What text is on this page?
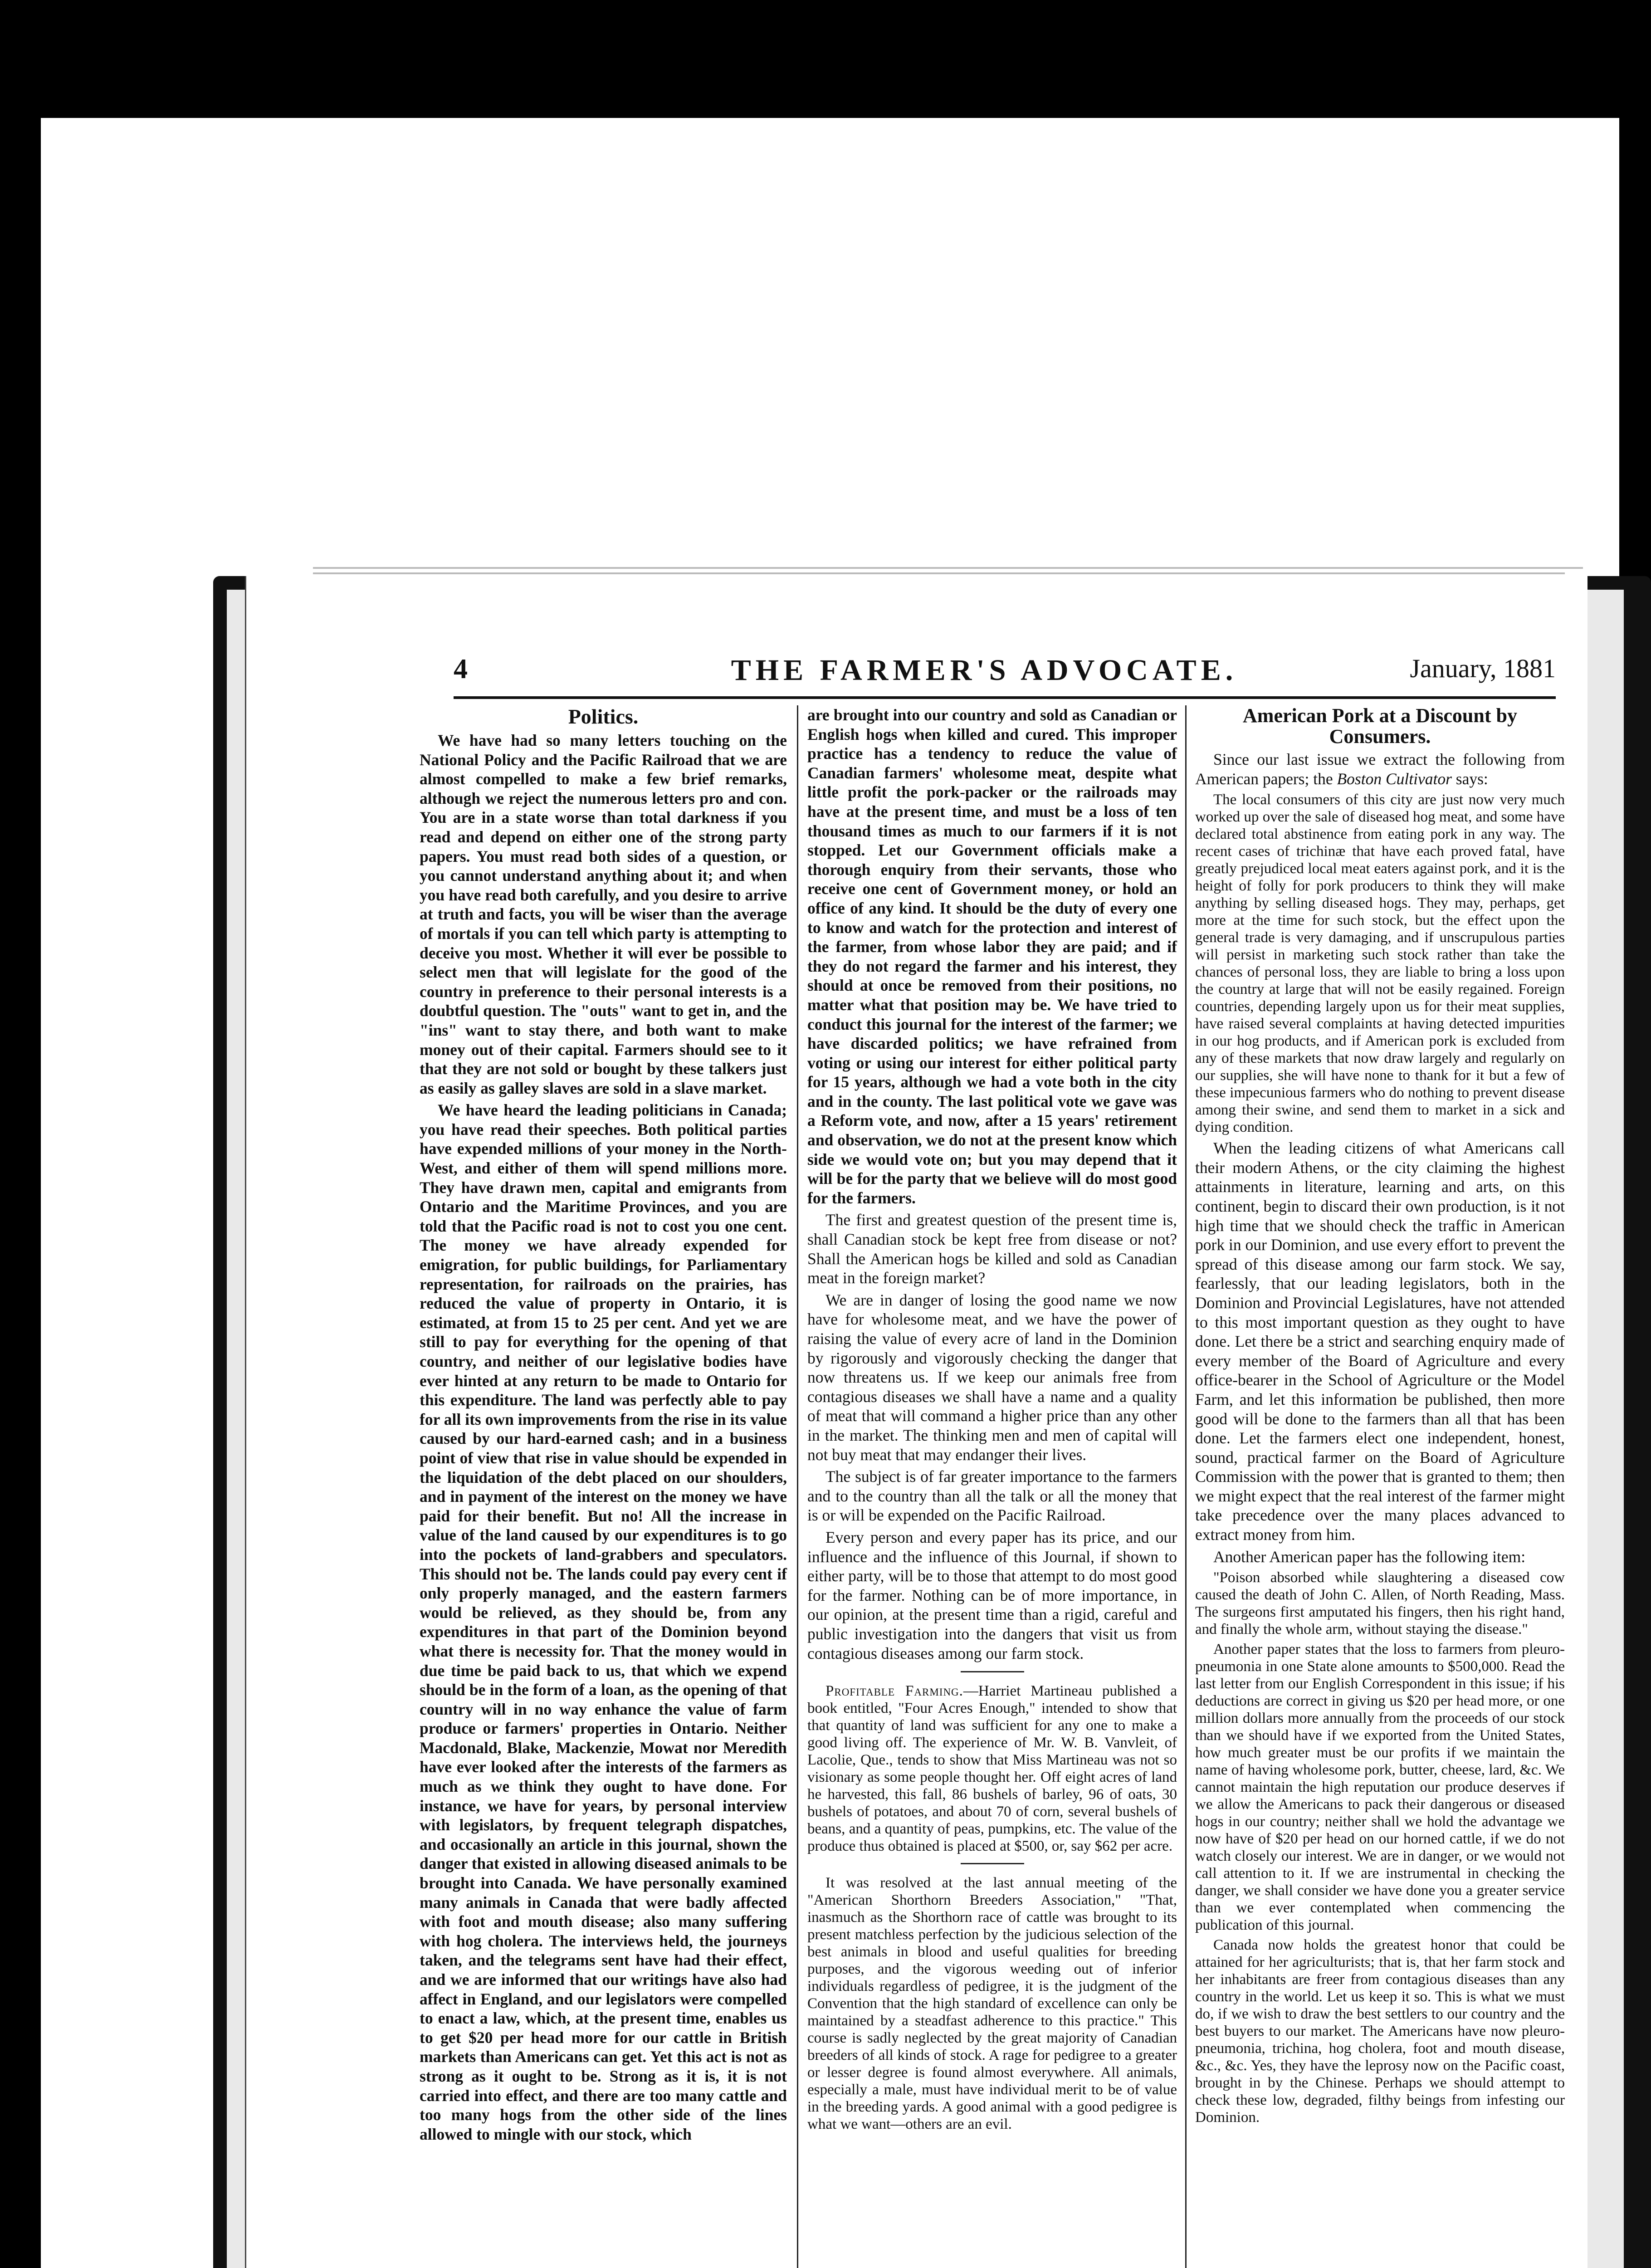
4	THE FARMER'S ADVOCATE.	January, 1881
Politics.

We have had so many letters touching on the National Policy and the Pacific Railroad that we are almost compelled to make a few brief remarks, although we reject the numerous letters pro and con. You are in a state worse than total darkness if you read and depend on either one of the strong party papers. You must read both sides of a question, or you cannot understand anything about it; and when you have read both carefully, and you desire to arrive at truth and facts, you will be wiser than the average of mortals if you can tell which party is attempting to deceive you most. Whether it will ever be possible to select men that will legislate for the good of the country in preference to their personal interests is a doubtful question. The "outs" want to get in, and the "ins" want to stay there, and both want to make money out of their capital. Farmers should see to it that they are not sold or bought by these talkers just as easily as galley slaves are sold in a slave market.

We have heard the leading politicians in Canada; you have read their speeches. Both political parties have expended millions of your money in the North-West, and either of them will spend millions more. They have drawn men, capital and emigrants from Ontario and the Maritime Provinces, and you are told that the Pacific road is not to cost you one cent. The money we have already expended for emigration, for public buildings, for Parliamentary representation, for railroads on the prairies, has reduced the value of property in Ontario, it is estimated, at from 15 to 25 per cent. And yet we are still to pay for everything for the opening of that country, and neither of our legislative bodies have ever hinted at any return to be made to Ontario for this expenditure. The land was perfectly able to pay for all its own improvements from the rise in its value caused by our hard-earned cash; and in a business point of view that rise in value should be expended in the liquidation of the debt placed on our shoulders, and in payment of the interest on the money we have paid for their benefit. But no! All the increase in value of the land caused by our expenditures is to go into the pockets of land-grabbers and speculators. This should not be. The lands could pay every cent if only properly managed, and the eastern farmers would be relieved, as they should be, from any expenditures in that part of the Dominion beyond what there is necessity for. That the money would in due time be paid back to us, that which we expend should be in the form of a loan, as the opening of that country will in no way enhance the value of farm produce or farmers' properties in Ontario. Neither Macdonald, Blake, Mackenzie, Mowat nor Meredith have ever looked after the interests of the farmers as much as we think they ought to have done. For instance, we have for years, by personal interview with legislators, by frequent telegraph dispatches, and occasionally an article in this journal, shown the danger that existed in allowing diseased animals to be brought into Canada. We have personally examined many animals in Canada that were badly affected with foot and mouth disease; also many suffering with hog cholera. The interviews held, the journeys taken, and the telegrams sent have had their effect, and we are informed that our writings have also had affect in England, and our legislators were compelled to enact a law, which, at the present time, enables us to get $20 per head more for our cattle in British markets than Americans can get. Yet this act is not as strong as it ought to be. Strong as it is, it is not carried into effect, and there are too many cattle and too many hogs from the other side of the lines allowed to mingle with our stock, which

are brought into our country and sold as Canadian or English hogs when killed and cured. This improper practice has a tendency to reduce the value of Canadian farmers' wholesome meat, despite what little profit the pork-packer or the railroads may have at the present time, and must be a loss of ten thousand times as much to our farmers if it is not stopped. Let our Government officials make a thorough enquiry from their servants, those who receive one cent of Government money, or hold an office of any kind. It should be the duty of every one to know and watch for the protection and interest of the farmer, from whose labor they are paid; and if they do not regard the farmer and his interest, they should at once be removed from their positions, no matter what that position may be. We have tried to conduct this journal for the interest of the farmer; we have discarded politics; we have refrained from voting or using our interest for either political party for 15 years, although we had a vote both in the city and in the county. The last political vote we gave was a Reform vote, and now, after a 15 years' retirement and observation, we do not at the present know which side we would vote on; but you may depend that it will be for the party that we believe will do most good for the farmers.

The first and greatest question of the present time is, shall Canadian stock be kept free from disease or not? Shall the American hogs be killed and sold as Canadian meat in the foreign market?

We are in danger of losing the good name we now have for wholesome meat, and we have the power of raising the value of every acre of land in the Dominion by rigorously and vigorously checking the danger that now threatens us. If we keep our animals free from contagious diseases we shall have a name and a quality of meat that will command a higher price than any other in the market. The thinking men and men of capital will not buy meat that may endanger their lives.

The subject is of far greater importance to the farmers and to the country than all the talk or all the money that is or will be expended on the Pacific Railroad.

Every person and every paper has its price, and our influence and the influence of this Journal, if shown to either party, will be to those that attempt to do most good for the farmer. Nothing can be of more importance, in our opinion, at the present time than a rigid, careful and public investigation into the dangers that visit us from contagious diseases among our farm stock.

Profitable Farming.—Harriet Martineau published a book entitled, "Four Acres Enough," intended to show that that quantity of land was sufficient for any one to make a good living off. The experience of Mr. W. B. Vanvleit, of Lacolie, Que., tends to show that Miss Martineau was not so visionary as some people thought her. Off eight acres of land he harvested, this fall, 86 bushels of barley, 96 of oats, 30 bushels of potatoes, and about 70 of corn, several bushels of beans, and a quantity of peas, pumpkins, etc. The value of the produce thus obtained is placed at $500, or, say $62 per acre.

It was resolved at the last annual meeting of the "American Shorthorn Breeders Association," "That, inasmuch as the Shorthorn race of cattle was brought to its present matchless perfection by the judicious selection of the best animals in blood and useful qualities for breeding purposes, and the vigorous weeding out of inferior individuals regardless of pedigree, it is the judgment of the Convention that the high standard of excellence can only be maintained by a steadfast adherence to this practice." This course is sadly neglected by the great majority of Canadian breeders of all kinds of stock. A rage for pedigree to a greater or lesser degree is found almost everywhere. All animals, especially a male, must have individual merit to be of value in the breeding yards. A good animal with a good pedigree is what we want—others are an evil.

American Pork at a Discount by Consumers.

Since our last issue we extract the following from American papers; the Boston Cultivator says:

The local consumers of this city are just now very much worked up over the sale of diseased hog meat, and some have declared total abstinence from eating pork in any way. The recent cases of trichinæ that have each proved fatal, have greatly prejudiced local meat eaters against pork, and it is the height of folly for pork producers to think they will make anything by selling diseased hogs. They may, perhaps, get more at the time for such stock, but the effect upon the general trade is very damaging, and if unscrupulous parties will persist in marketing such stock rather than take the chances of personal loss, they are liable to bring a loss upon the country at large that will not be easily regained. Foreign countries, depending largely upon us for their meat supplies, have raised several complaints at having detected impurities in our hog products, and if American pork is excluded from any of these markets that now draw largely and regularly on our supplies, she will have none to thank for it but a few of these impecunious farmers who do nothing to prevent disease among their swine, and send them to market in a sick and dying condition.

When the leading citizens of what Americans call their modern Athens, or the city claiming the highest attainments in literature, learning and arts, on this continent, begin to discard their own production, is it not high time that we should check the traffic in American pork in our Dominion, and use every effort to prevent the spread of this disease among our farm stock. We say, fearlessly, that our leading legislators, both in the Dominion and Provincial Legislatures, have not attended to this most important question as they ought to have done. Let there be a strict and searching enquiry made of every member of the Board of Agriculture and every office-bearer in the School of Agriculture or the Model Farm, and let this information be published, then more good will be done to the farmers than all that has been done. Let the farmers elect one independent, honest, sound, practical farmer on the Board of Agriculture Commission with the power that is granted to them; then we might expect that the real interest of the farmer might take precedence over the many places advanced to extract money from him.

Another American paper has the following item:

"Poison absorbed while slaughtering a diseased cow caused the death of John C. Allen, of North Reading, Mass. The surgeons first amputated his fingers, then his right hand, and finally the whole arm, without staying the disease."

Another paper states that the loss to farmers from pleuro-pneumonia in one State alone amounts to $500,000. Read the last letter from our English Correspondent in this issue; if his deductions are correct in giving us $20 per head more, or one million dollars more annually from the proceeds of our stock than we should have if we exported from the United States, how much greater must be our profits if we maintain the name of having wholesome pork, butter, cheese, lard, &c. We cannot maintain the high reputation our produce deserves if we allow the Americans to pack their dangerous or diseased hogs in our country; neither shall we hold the advantage we now have of $20 per head on our horned cattle, if we do not watch closely our interest. We are in danger, or we would not call attention to it. If we are instrumental in checking the danger, we shall consider we have done you a greater service than we ever contemplated when commencing the publication of this journal.

Canada now holds the greatest honor that could be attained for her agriculturists; that is, that her farm stock and her inhabitants are freer from contagious diseases than any country in the world. Let us keep it so. This is what we must do, if we wish to draw the best settlers to our country and the best buyers to our market. The Americans have now pleuro-pneumonia, trichina, hog cholera, foot and mouth disease, &c., &c. Yes, they have the leprosy now on the Pacific coast, brought in by the Chinese. Perhaps we should attempt to check these low, degraded, filthy beings from infesting our Dominion.
